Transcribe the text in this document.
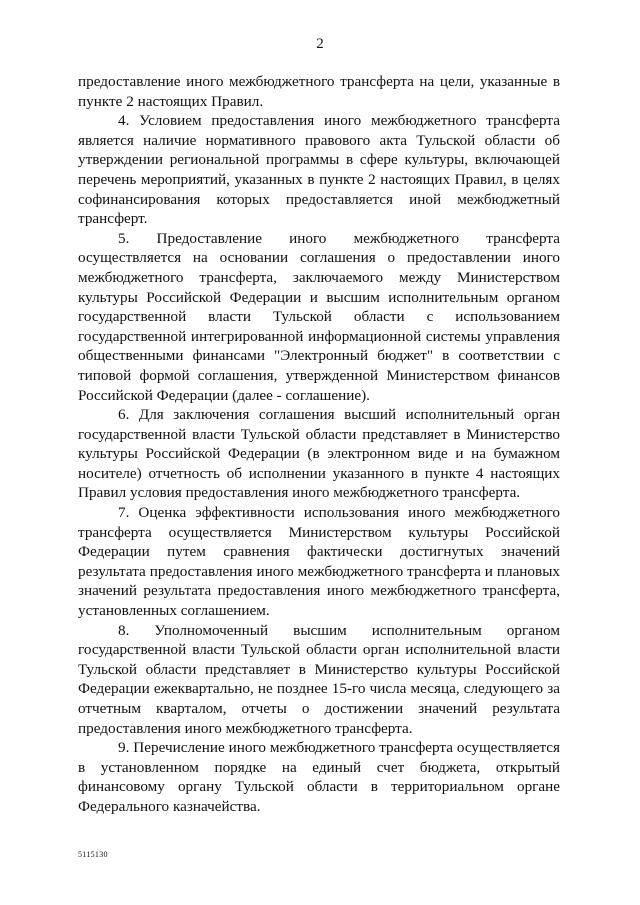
2

предоставление иного межбюджетного трансферта на цели, указанные в пункте 2 настоящих Правил.

4. Условием предоставления иного межбюджетного трансферта является наличие нормативного правового акта Тульской области об утверждении региональной программы в сфере культуры, включающей перечень мероприятий, указанных в пункте 2 настоящих Правил, в целях софинансирования которых предоставляется иной межбюджетный трансферт.

5. Предоставление иного межбюджетного трансферта осуществляется на основании соглашения о предоставлении иного межбюджетного трансферта, заключаемого между Министерством культуры Российской Федерации и высшим исполнительным органом государственной власти Тульской области с использованием государственной интегрированной информационной системы управления общественными финансами "Электронный бюджет" в соответствии с типовой формой соглашения, утвержденной Министерством финансов Российской Федерации (далее - соглашение).

6. Для заключения соглашения высший исполнительный орган государственной власти Тульской области представляет в Министерство культуры Российской Федерации (в электронном виде и на бумажном носителе) отчетность об исполнении указанного в пункте 4 настоящих Правил условия предоставления иного межбюджетного трансферта.

7. Оценка эффективности использования иного межбюджетного трансферта осуществляется Министерством культуры Российской Федерации путем сравнения фактически достигнутых значений результата предоставления иного межбюджетного трансферта и плановых значений результата предоставления иного межбюджетного трансферта, установленных соглашением.

8. Уполномоченный высшим исполнительным органом государственной власти Тульской области орган исполнительной власти Тульской области представляет в Министерство культуры Российской Федерации ежеквартально, не позднее 15-го числа месяца, следующего за отчетным кварталом, отчеты о достижении значений результата предоставления иного межбюджетного трансферта.

9. Перечисление иного межбюджетного трансферта осуществляется в установленном порядке на единый счет бюджета, открытый финансовому органу Тульской области в территориальном органе Федерального казначейства.

5115130
